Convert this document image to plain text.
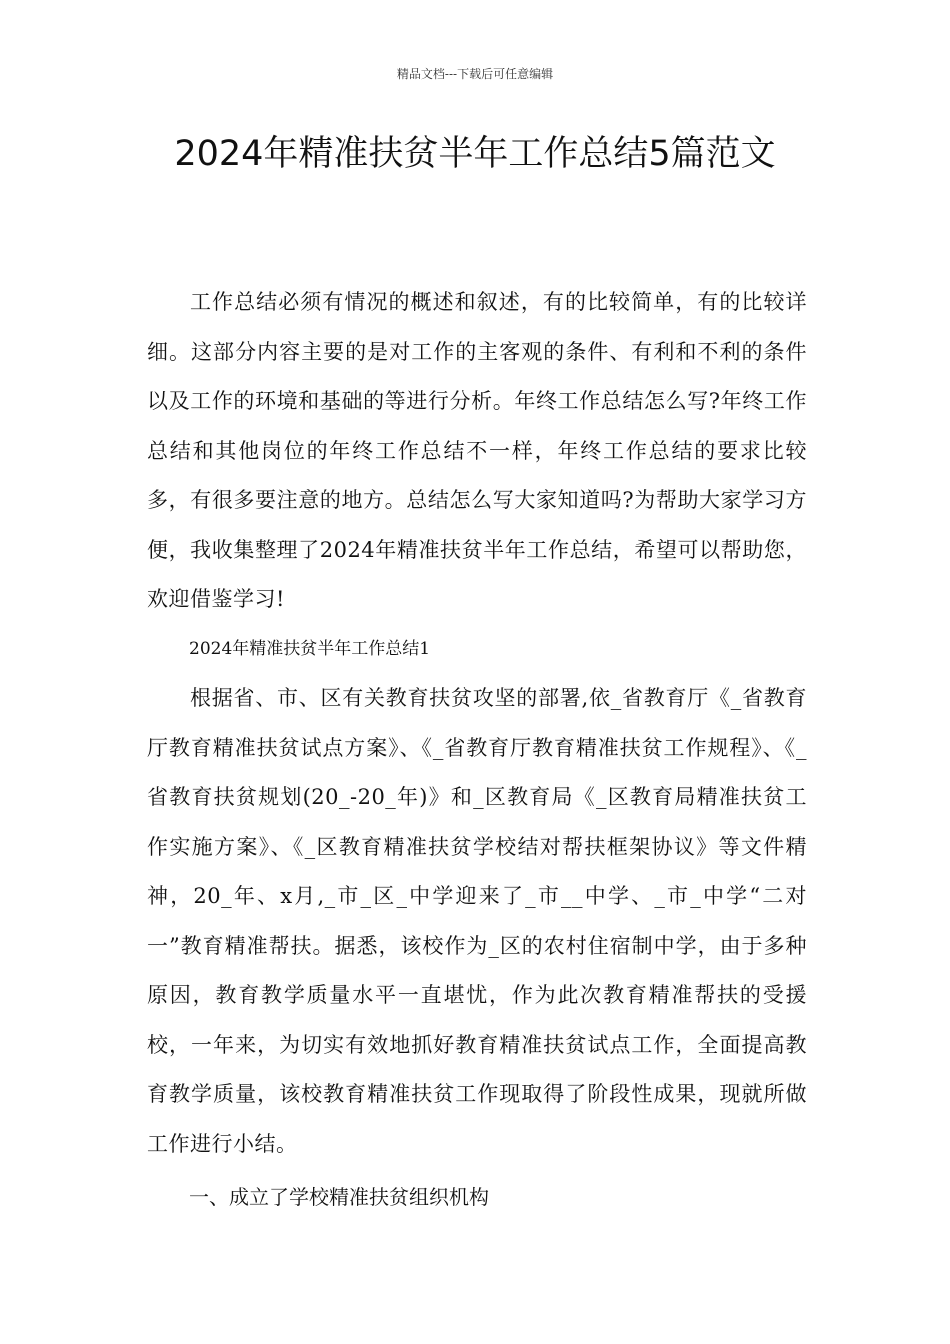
精品文档---下载后可任意编辑
2024年精准扶贫半年工作总结5篇范文

工作总结必须有情况的概述和叙述，有的比较简单，有的比较详细。这部分内容主要的是对工作的主客观的条件、有利和不利的条件以及工作的环境和基础的等进行分析。年终工作总结怎么写?年终工作总结和其他岗位的年终工作总结不一样，年终工作总结的要求比较多，有很多要注意的地方。总结怎么写大家知道吗?为帮助大家学习方便，我收集整理了2024年精准扶贫半年工作总结，希望可以帮助您，欢迎借鉴学习!

2024年精准扶贫半年工作总结1

根据省、市、区有关教育扶贫攻坚的部署,依_省教育厅《_省教育厅教育精准扶贫试点方案》、《_省教育厅教育精准扶贫工作规程》、《_省教育扶贫规划(20_-20_年)》和_区教育局《_区教育局精准扶贫工作实施方案》、《_区教育精准扶贫学校结对帮扶框架协议》等文件精神，20_年、x月,_市_区_中学迎来了_市__中学、_市_中学“二对一”教育精准帮扶。据悉，该校作为_区的农村住宿制中学，由于多种原因，教育教学质量水平一直堪忧，作为此次教育精准帮扶的受援校，一年来，为切实有效地抓好教育精准扶贫试点工作，全面提高教育教学质量，该校教育精准扶贫工作现取得了阶段性成果，现就所做工作进行小结。

一、成立了学校精准扶贫组织机构
